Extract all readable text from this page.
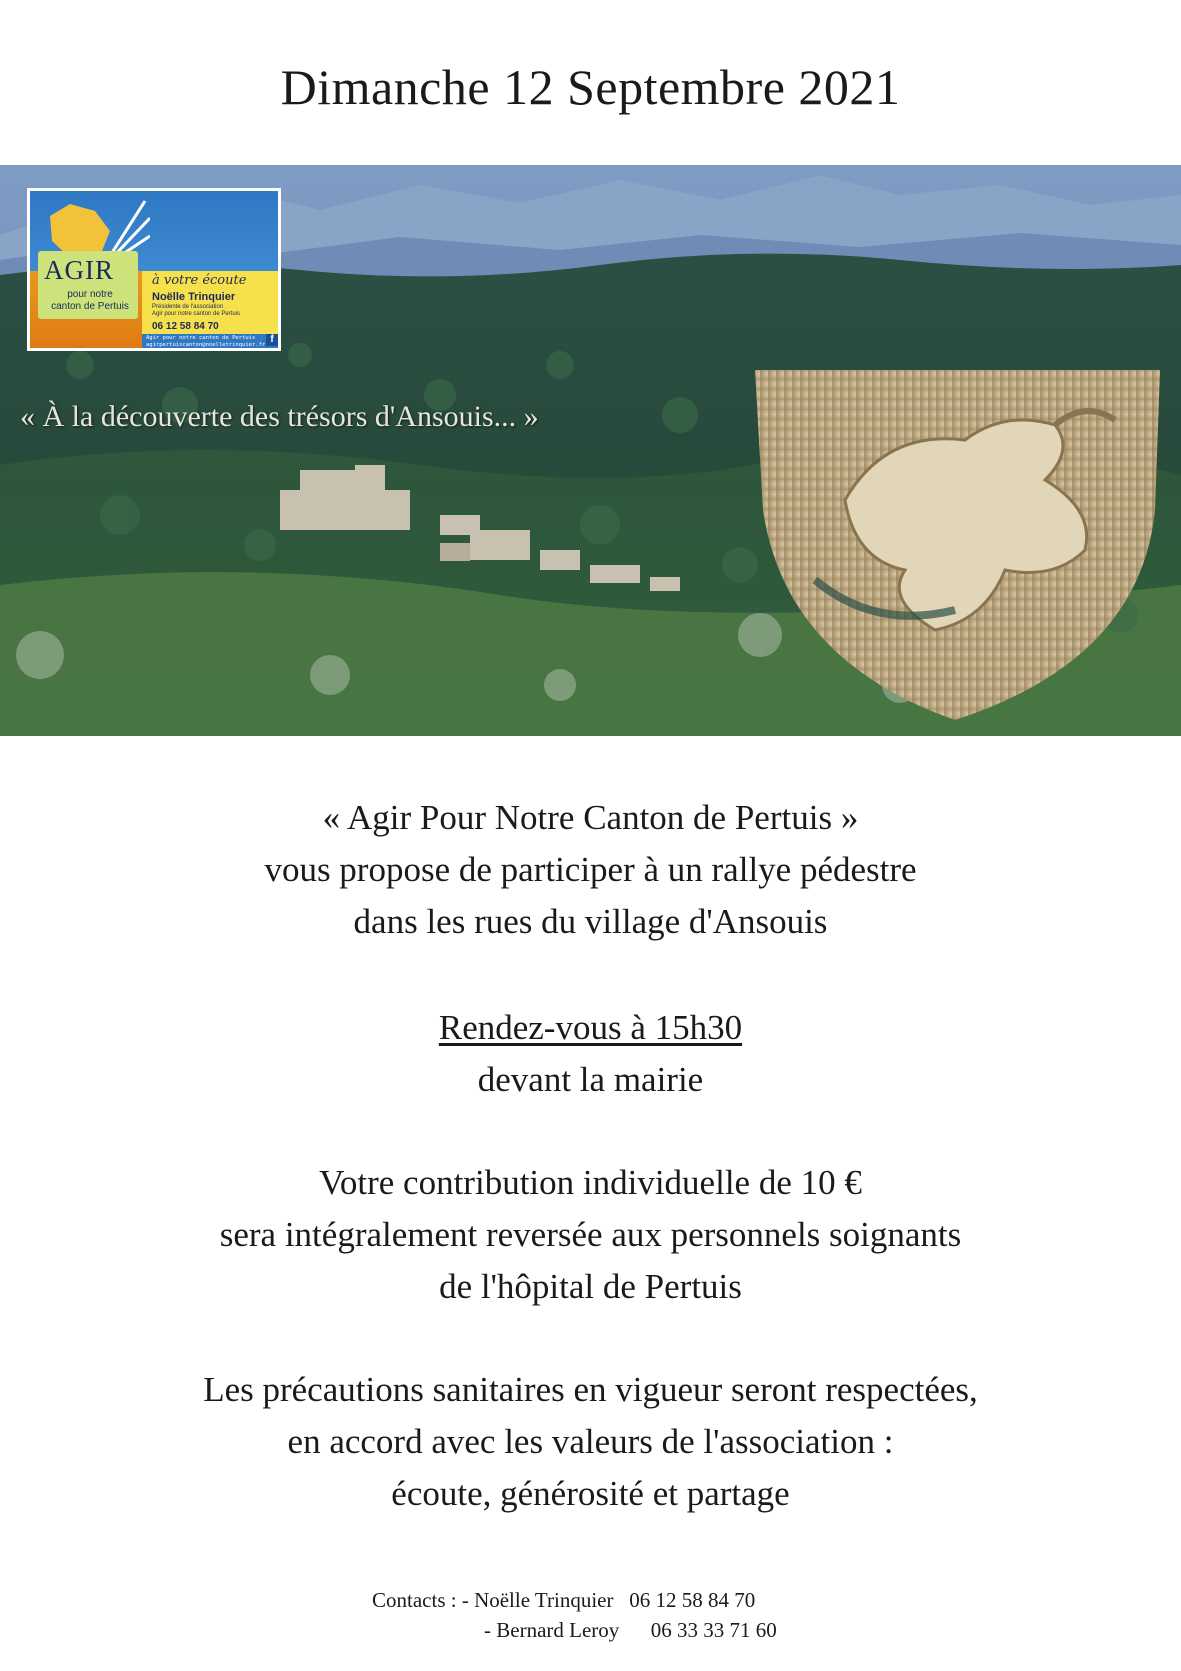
Dimanche 12 Septembre 2021
AGIR
pour notre
canton de Pertuis
à votre écoute
Noëlle Trinquier
Présidente de l'association
Agir pour notre canton de Pertuis
06 12 58 84 70
Agir pour notre canton de Pertuis
agirpertuiscanton@noelletrinquier.fr f
« À la découverte des trésors d'Ansouis... »
« Agir Pour Notre Canton de Pertuis »
vous propose de participer à un rallye pédestre
dans les rues du village d'Ansouis
Rendez-vous à 15h30
devant la mairie
Votre contribution individuelle de 10 €
sera intégralement reversée aux personnels soignants
de l'hôpital de Pertuis
Les précautions sanitaires en vigueur seront respectées,
en accord avec les valeurs de l'association :
écoute, générosité et partage
Contacts : - Noëlle Trinquier 06 12 58 84 70
- Bernard Leroy 06 33 33 71 60
